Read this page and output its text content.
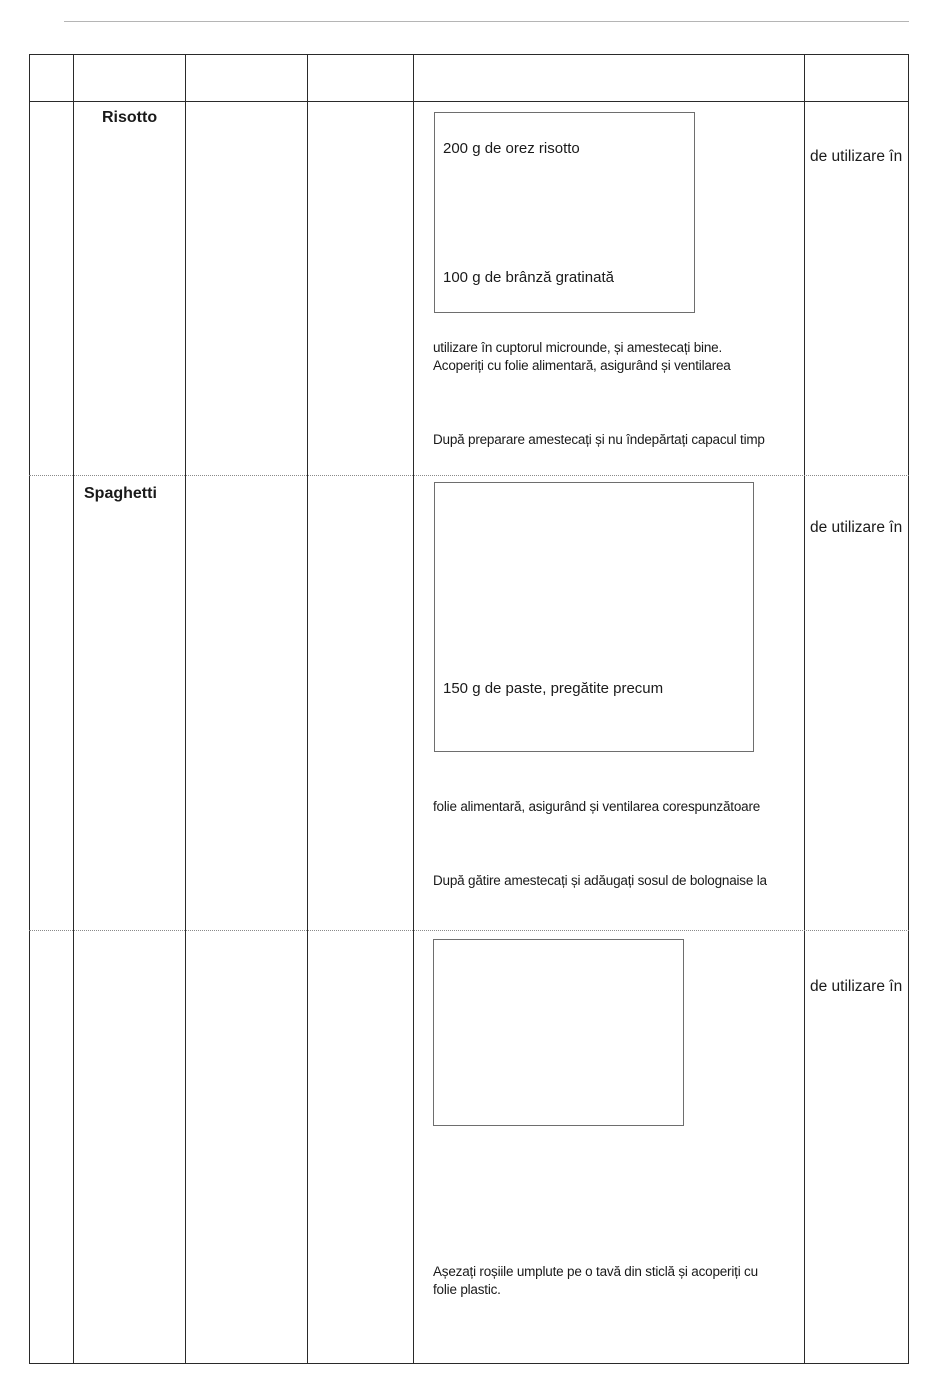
Risotto
200 g de orez risotto
100 g de brânză gratinată
utilizare în cuptorul microunde, și amestecați bine.
Acoperiți cu folie alimentară, asigurând și ventilarea
După preparare amestecați și nu îndepărtați capacul timp
de utilizare în
Spaghetti
150 g de paste, pregătite precum
folie alimentară, asigurând și ventilarea corespunzătoare
După gătire amestecați și adăugați sosul de bolognaise la
de utilizare în
Așezați roșiile umplute pe o tavă din sticlă și acoperiți cu
folie plastic.
de utilizare în
